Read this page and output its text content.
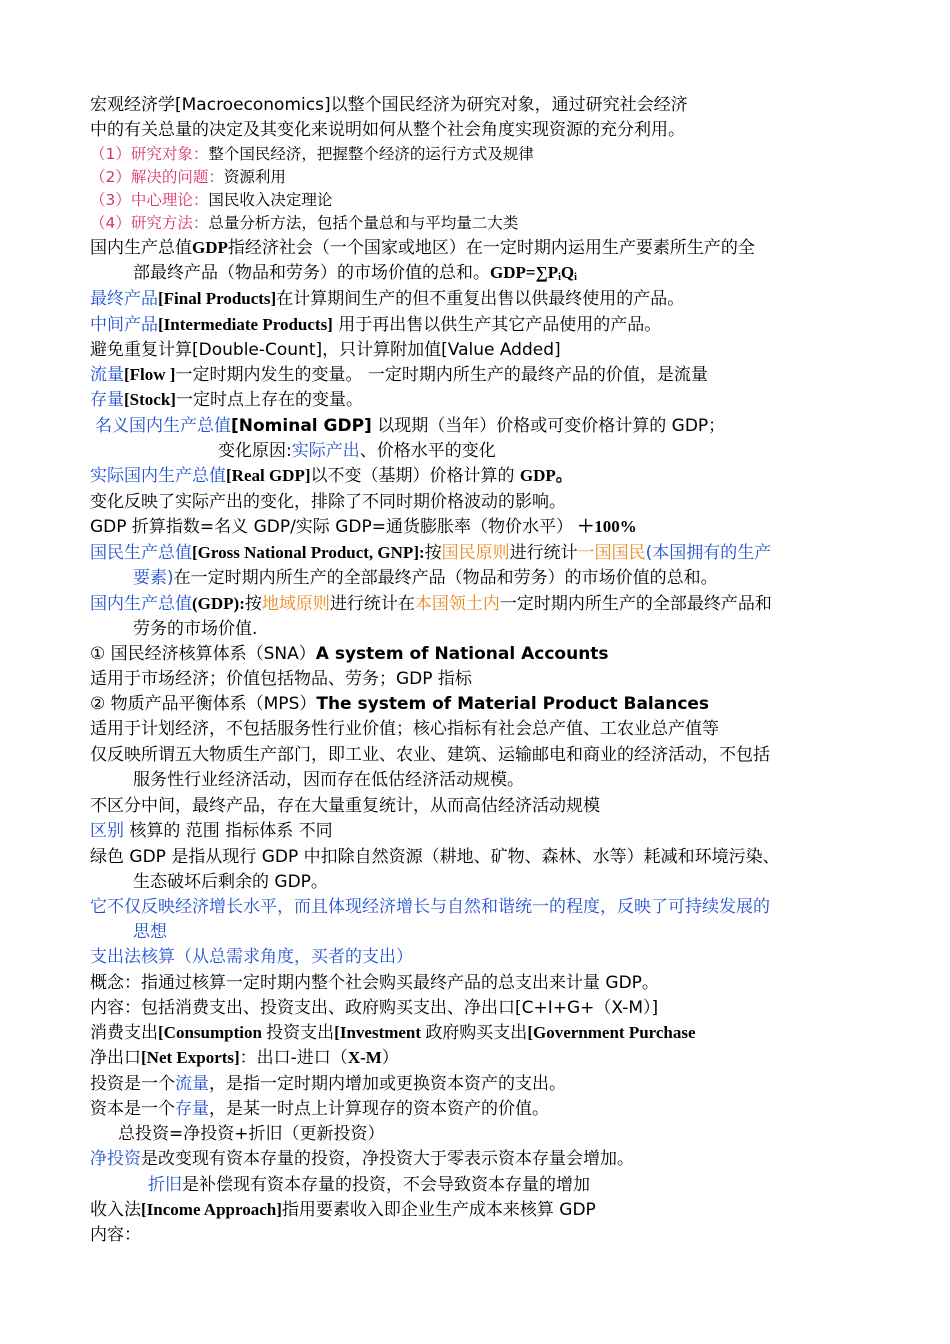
宏观经济学[Macroeconomics]以整个国民经济为研究对象，通过研究社会经济
中的有关总量的决定及其变化来说明如何从整个社会角度实现资源的充分利用。
（1）研究对象：整个国民经济，把握整个经济的运行方式及规律
（2）解决的问题：资源利用
（3）中心理论：国民收入决定理论
（4）研究方法：总量分析方法，包括个量总和与平均量二大类
国内生产总值GDP指经济社会（一个国家或地区）在一定时期内运用生产要素所生产的全
部最终产品（物品和劳务）的市场价值的总和。$GDP=\sum P_iQ_i$
最终产品[Final Products]在计算期间生产的但不重复出售以供最终使用的产品。
中间产品[Intermediate Products] 用于再出售以供生产其它产品使用的产品。
避免重复计算[Double-Count]，只计算附加值[Value Added]
流量[Flow ]一定时期内发生的变量。 一定时期内所生产的最终产品的价值，是流量
存量[Stock]一定时点上存在的变量。
名义国内生产总值[Nominal GDP] 以现期（当年）价格或可变价格计算的 GDP；
变化原因:实际产出、价格水平的变化
实际国内生产总值[Real GDP]以不变（基期）价格计算的 GDP。
变化反映了实际产出的变化，排除了不同时期价格波动的影响。
GDP 折算指数=名义 GDP/实际 GDP=通货膨胀率（物价水平） ＋100%
国民生产总值[Gross National Product, GNP]:按国民原则进行统计一国国民(本国拥有的生产
要素)在一定时期内所生产的全部最终产品（物品和劳务）的市场价值的总和。
国内生产总值(GDP):按地域原则进行统计在本国领土内一定时期内所生产的全部最终产品和
劳务的市场价值.
① 国民经济核算体系（SNA）A system of National Accounts
适用于市场经济；价值包括物品、劳务；GDP 指标
② 物质产品平衡体系（MPS）The system of Material Product Balances
适用于计划经济，不包括服务性行业价值；核心指标有社会总产值、工农业总产值等
仅反映所谓五大物质生产部门，即工业、农业、建筑、运输邮电和商业的经济活动，不包括
服务性行业经济活动，因而存在低估经济活动规模。
不区分中间，最终产品，存在大量重复统计，从而高估经济活动规模
区别 核算的 范围 指标体系 不同
绿色 GDP 是指从现行 GDP 中扣除自然资源（耕地、矿物、森林、水等）耗减和环境污染、
生态破坏后剩余的 GDP。
它不仅反映经济增长水平，而且体现经济增长与自然和谐统一的程度，反映了可持续发展的
思想
支出法核算（从总需求角度，买者的支出）
概念：指通过核算一定时期内整个社会购买最终产品的总支出来计量 GDP。
内容：包括消费支出、投资支出、政府购买支出、净出口[C+I+G+（X-M）]
消费支出[Consumption 投资支出[Investment 政府购买支出[Government Purchase
净出口[Net Exports]：出口-进口（X-M）
投资是一个流量，是指一定时期内增加或更换资本资产的支出。
资本是一个存量，是某一时点上计算现存的资本资产的价值。
总投资=净投资+折旧（更新投资）
净投资是改变现有资本存量的投资，净投资大于零表示资本存量会增加。
折旧是补偿现有资本存量的投资，不会导致资本存量的增加
收入法[Income Approach]指用要素收入即企业生产成本来核算 GDP
内容：
